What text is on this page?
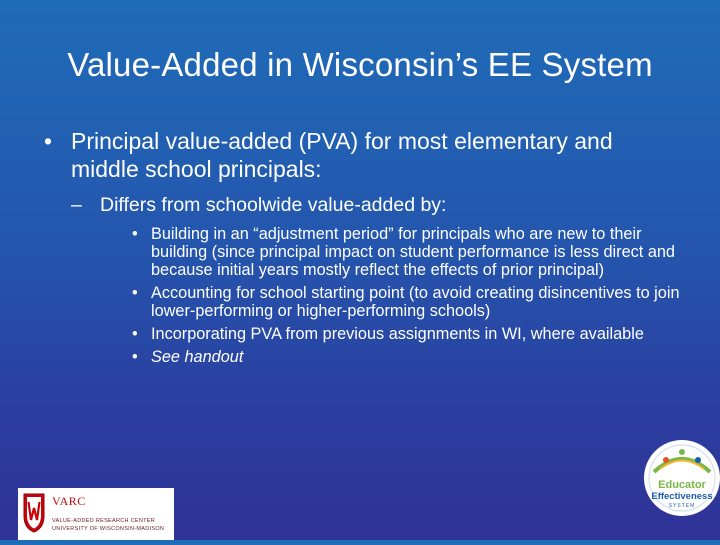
Value-Added in Wisconsin’s EE System
• Principal value-added (PVA) for most elementary and middle school principals:
– Differs from schoolwide value-added by:
• Building in an “adjustment period” for principals who are new to their building (since principal impact on student performance is less direct and because initial years mostly reflect the effects of prior principal)
• Accounting for school starting point (to avoid creating disincentives to join lower-performing or higher-performing schools)
• Incorporating PVA from previous assignments in WI, where available
• See handout
VARC
VALUE-ADDED RESEARCH CENTER
UNIVERSITY OF WISCONSIN-MADISON
Educator
Effectiveness
SYSTEM
